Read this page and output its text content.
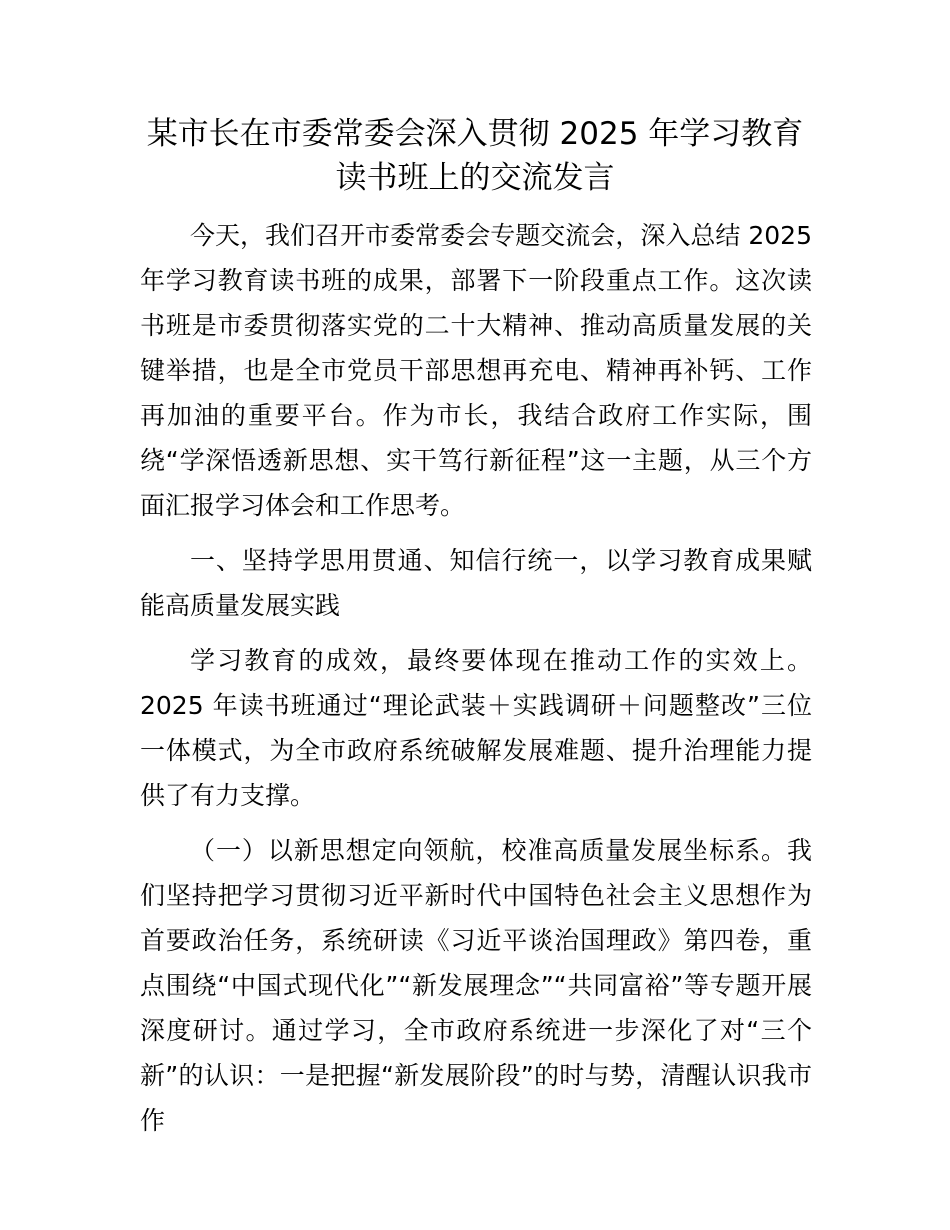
某市长在市委常委会深入贯彻 2025 年学习教育读书班上的交流发言

今天，我们召开市委常委会专题交流会，深入总结 2025 年学习教育读书班的成果，部署下一阶段重点工作。这次读书班是市委贯彻落实党的二十大精神、推动高质量发展的关键举措，也是全市党员干部思想再充电、精神再补钙、工作再加油的重要平台。作为市长，我结合政府工作实际，围绕“学深悟透新思想、实干笃行新征程”这一主题，从三个方面汇报学习体会和工作思考。

一、坚持学思用贯通、知信行统一，以学习教育成果赋能高质量发展实践

学习教育的成效，最终要体现在推动工作的实效上。2025 年读书班通过“理论武装＋实践调研＋问题整改”三位一体模式，为全市政府系统破解发展难题、提升治理能力提供了有力支撑。

（一）以新思想定向领航，校准高质量发展坐标系。我们坚持把学习贯彻习近平新时代中国特色社会主义思想作为首要政治任务，系统研读《习近平谈治国理政》第四卷，重点围绕“中国式现代化”“新发展理念”“共同富裕”等专题开展深度研讨。通过学习，全市政府系统进一步深化了对“三个新”的认识：一是把握“新发展阶段”的时与势，清醒认识我市作
